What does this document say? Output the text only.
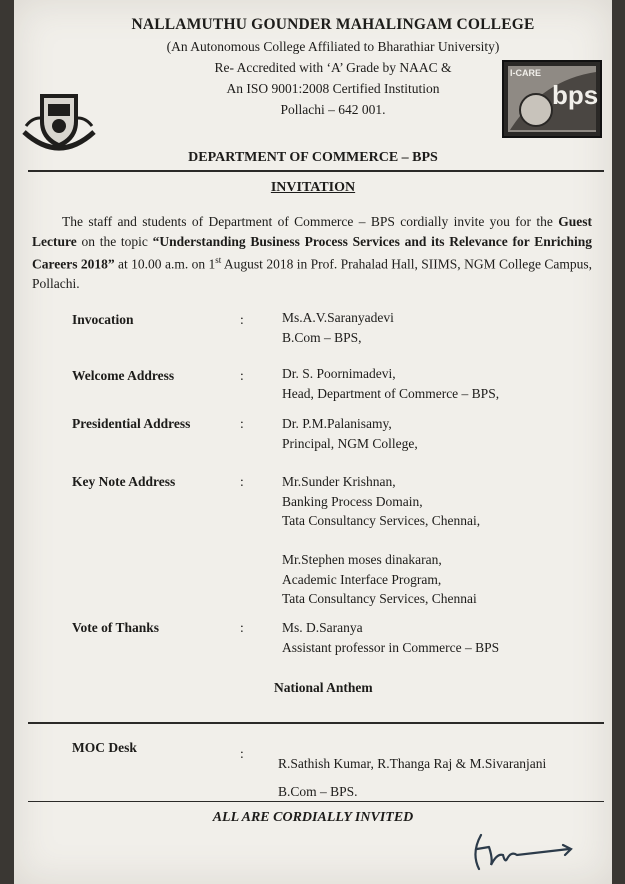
I-CARE
bps
NALLAMUTHU GOUNDER MAHALINGAM COLLEGE
(An Autonomous College Affiliated to Bharathiar University)
Re- Accredited with ‘A’ Grade by NAAC &
An ISO 9001:2008 Certified Institution
Pollachi – 642 001.
DEPARTMENT OF COMMERCE – BPS
INVITATION
The staff and students of Department of Commerce – BPS cordially invite you for the Guest Lecture on the topic “Understanding Business Process Services and its Relevance for Enriching Careers 2018” at 10.00 a.m. on 1st August 2018 in Prof. Prahalad Hall, SIIMS, NGM College Campus, Pollachi.
Invocation	:	Ms.A.V.Saranyadevi
B.Com – BPS,
Welcome Address	:	Dr. S. Poornimadevi,
Head, Department of Commerce – BPS,
Presidential Address	:	Dr. P.M.Palanisamy,
Principal, NGM College,
Key Note Address	:	Mr.Sunder Krishnan,
Banking Process Domain,
Tata Consultancy Services, Chennai,
Mr.Stephen moses dinakaran,
Academic Interface Program,
Tata Consultancy Services, Chennai
Vote of Thanks	:	Ms. D.Saranya
Assistant professor in Commerce – BPS
National Anthem
MOC Desk	:
R.Sathish Kumar, R.Thanga Raj & M.Sivaranjani
B.Com – BPS.
ALL ARE CORDIALLY INVITED
